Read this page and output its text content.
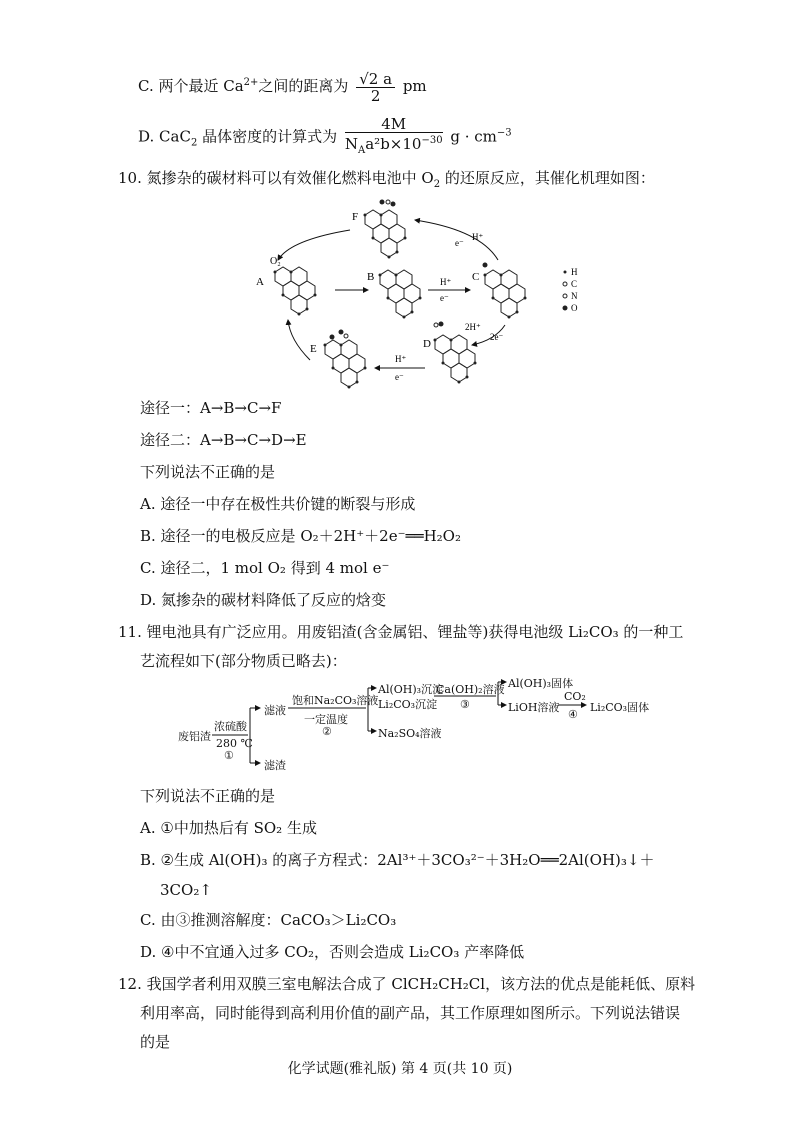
C. 两个最近 $Ca^{2+}$之间的距离为 $\frac{√2 a}{2}$ pm
D. CaC$_2$ 晶体密度的计算式为 $\frac{4M}{N_Aa^2b\times 10^{-30}}$ $g \cdot cm^{-3}$
10. 氮掺杂的碳材料可以有效催化燃料电池中 $O_2$ 的还原反应，其催化机理如图：
F
A
O₂
B	C
D
E
H⁺
e⁻
H⁺
e⁻
2H⁺
2e⁻
H⁺
e⁻
H
C
N
O
途径一：A→B→C→F
途径二：A→B→C→D→E
下列说法不正确的是
A. 途径一中存在极性共价键的断裂与形成
B. 途径一的电极反应是 O₂＋2H⁺＋2e⁻══H₂O₂
C. 途径二，1 mol O₂ 得到 4 mol e⁻
D. 氮掺杂的碳材料降低了反应的焓变
11. 锂电池具有广泛应用。用废铝渣(含金属铝、锂盐等)获得电池级 Li₂CO₃ 的一种工
艺流程如下(部分物质已略去)：
废铝渣
浓硫酸
280 ℃
①
滤液
滤渣
饱和Na₂CO₃溶液
一定温度
②
Al(OH)₃沉淀
Li₂CO₃沉淀
Na₂SO₄溶液
Ca(OH)₂溶液
③
Al(OH)₃固体
LiOH溶液
CO₂
④
Li₂CO₃固体
下列说法不正确的是
A. ①中加热后有 SO₂ 生成
B. ②生成 Al(OH)₃ 的离子方程式：2Al³⁺＋3CO₃²⁻＋3H₂O══2Al(OH)₃↓＋
3CO₂↑
C. 由③推测溶解度：CaCO₃＞Li₂CO₃
D. ④中不宜通入过多 CO₂，否则会造成 Li₂CO₃ 产率降低
12. 我国学者利用双膜三室电解法合成了 ClCH₂CH₂Cl，该方法的优点是能耗低、原料
利用率高，同时能得到高利用价值的副产品，其工作原理如图所示。下列说法错误
的是
化学试题(雅礼版) 第 4 页(共 10 页)
